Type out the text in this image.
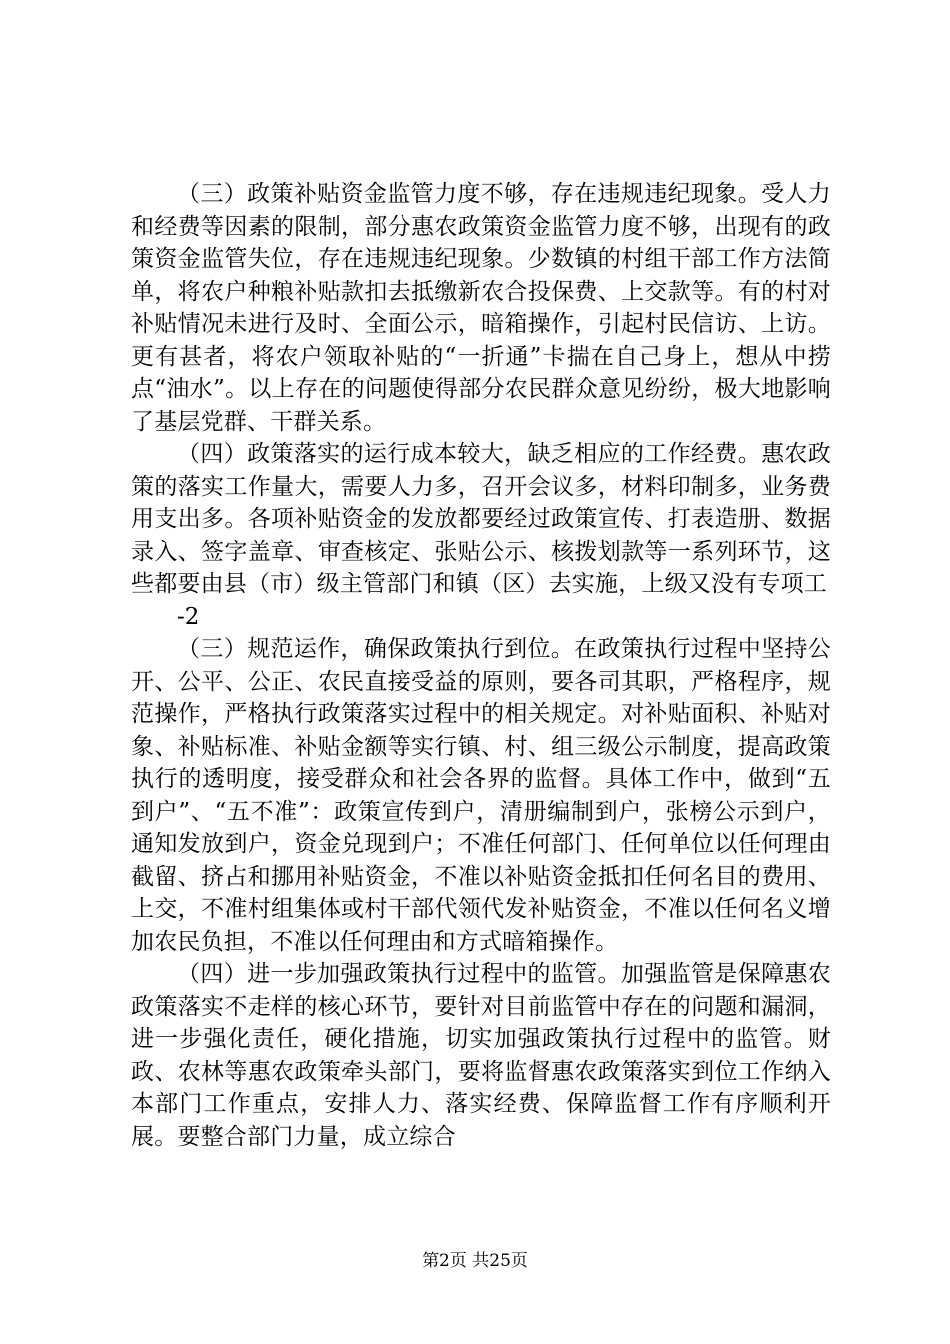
（三）政策补贴资金监管力度不够，存在违规违纪现象。受人力和经费等因素的限制，部分惠农政策资金监管力度不够，出现有的政策资金监管失位，存在违规违纪现象。少数镇的村组干部工作方法简单，将农户种粮补贴款扣去抵缴新农合投保费、上交款等。有的村对补贴情况未进行及时、全面公示，暗箱操作，引起村民信访、上访。更有甚者，将农户领取补贴的“一折通”卡揣在自己身上，想从中捞点“油水”。以上存在的问题使得部分农民群众意见纷纷，极大地影响了基层党群、干群关系。

（四）政策落实的运行成本较大，缺乏相应的工作经费。惠农政策的落实工作量大，需要人力多，召开会议多，材料印制多，业务费用支出多。各项补贴资金的发放都要经过政策宣传、打表造册、数据录入、签字盖章、审查核定、张贴公示、核拨划款等一系列环节，这些都要由县（市）级主管部门和镇（区）去实施，上级又没有专项工

-2

（三）规范运作，确保政策执行到位。在政策执行过程中坚持公开、公平、公正、农民直接受益的原则，要各司其职，严格程序，规范操作，严格执行政策落实过程中的相关规定。对补贴面积、补贴对象、补贴标准、补贴金额等实行镇、村、组三级公示制度，提高政策执行的透明度，接受群众和社会各界的监督。具体工作中，做到“五到户”、“五不准”：政策宣传到户，清册编制到户，张榜公示到户，通知发放到户，资金兑现到户；不准任何部门、任何单位以任何理由截留、挤占和挪用补贴资金，不准以补贴资金抵扣任何名目的费用、上交，不准村组集体或村干部代领代发补贴资金，不准以任何名义增加农民负担，不准以任何理由和方式暗箱操作。

（四）进一步加强政策执行过程中的监管。加强监管是保障惠农政策落实不走样的核心环节，要针对目前监管中存在的问题和漏洞，进一步强化责任，硬化措施，切实加强政策执行过程中的监管。财政、农林等惠农政策牵头部门，要将监督惠农政策落实到位工作纳入本部门工作重点，安排人力、落实经费、保障监督工作有序顺利开展。要整合部门力量，成立综合

第2页 共25页
